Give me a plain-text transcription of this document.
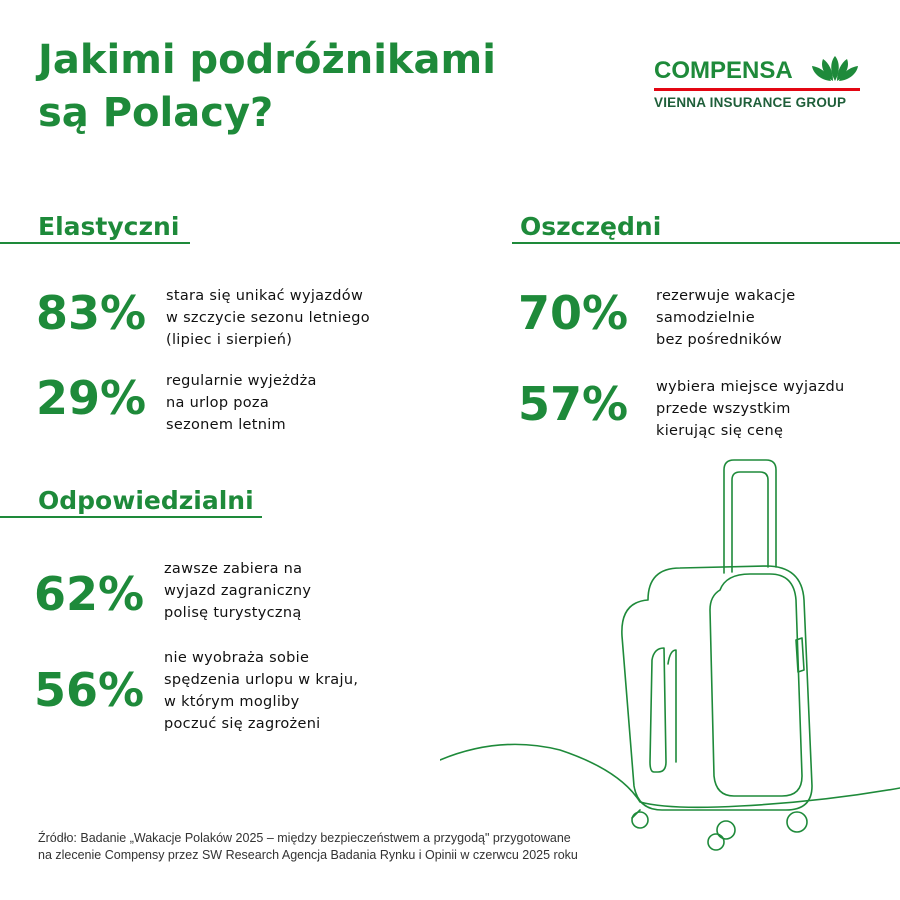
Jakimi podróżnikami
są Polacy?
COMPENSA
VIENNA INSURANCE GROUP
Elastyczni
83% stara się unikać wyjazdów
w szczycie sezonu letniego
(lipiec i sierpień)
29% regularnie wyjeżdża
na urlop poza
sezonem letnim
Oszczędni
70% rezerwuje wakacje
samodzielnie
bez pośredników
57% wybiera miejsce wyjazdu
przede wszystkim
kierując się cenę
Odpowiedzialni
62% zawsze zabiera na
wyjazd zagraniczny
polisę turystyczną
56%
nie wyobraża sobie
spędzenia urlopu w kraju,
w którym mogliby
poczuć się zagrożeni
Źródło: Badanie „Wakacje Polaków 2025 – między bezpieczeństwem a przygodą" przygotowane
na zlecenie Compensy przez SW Research Agencja Badania Rynku i Opinii w czerwcu 2025 roku
